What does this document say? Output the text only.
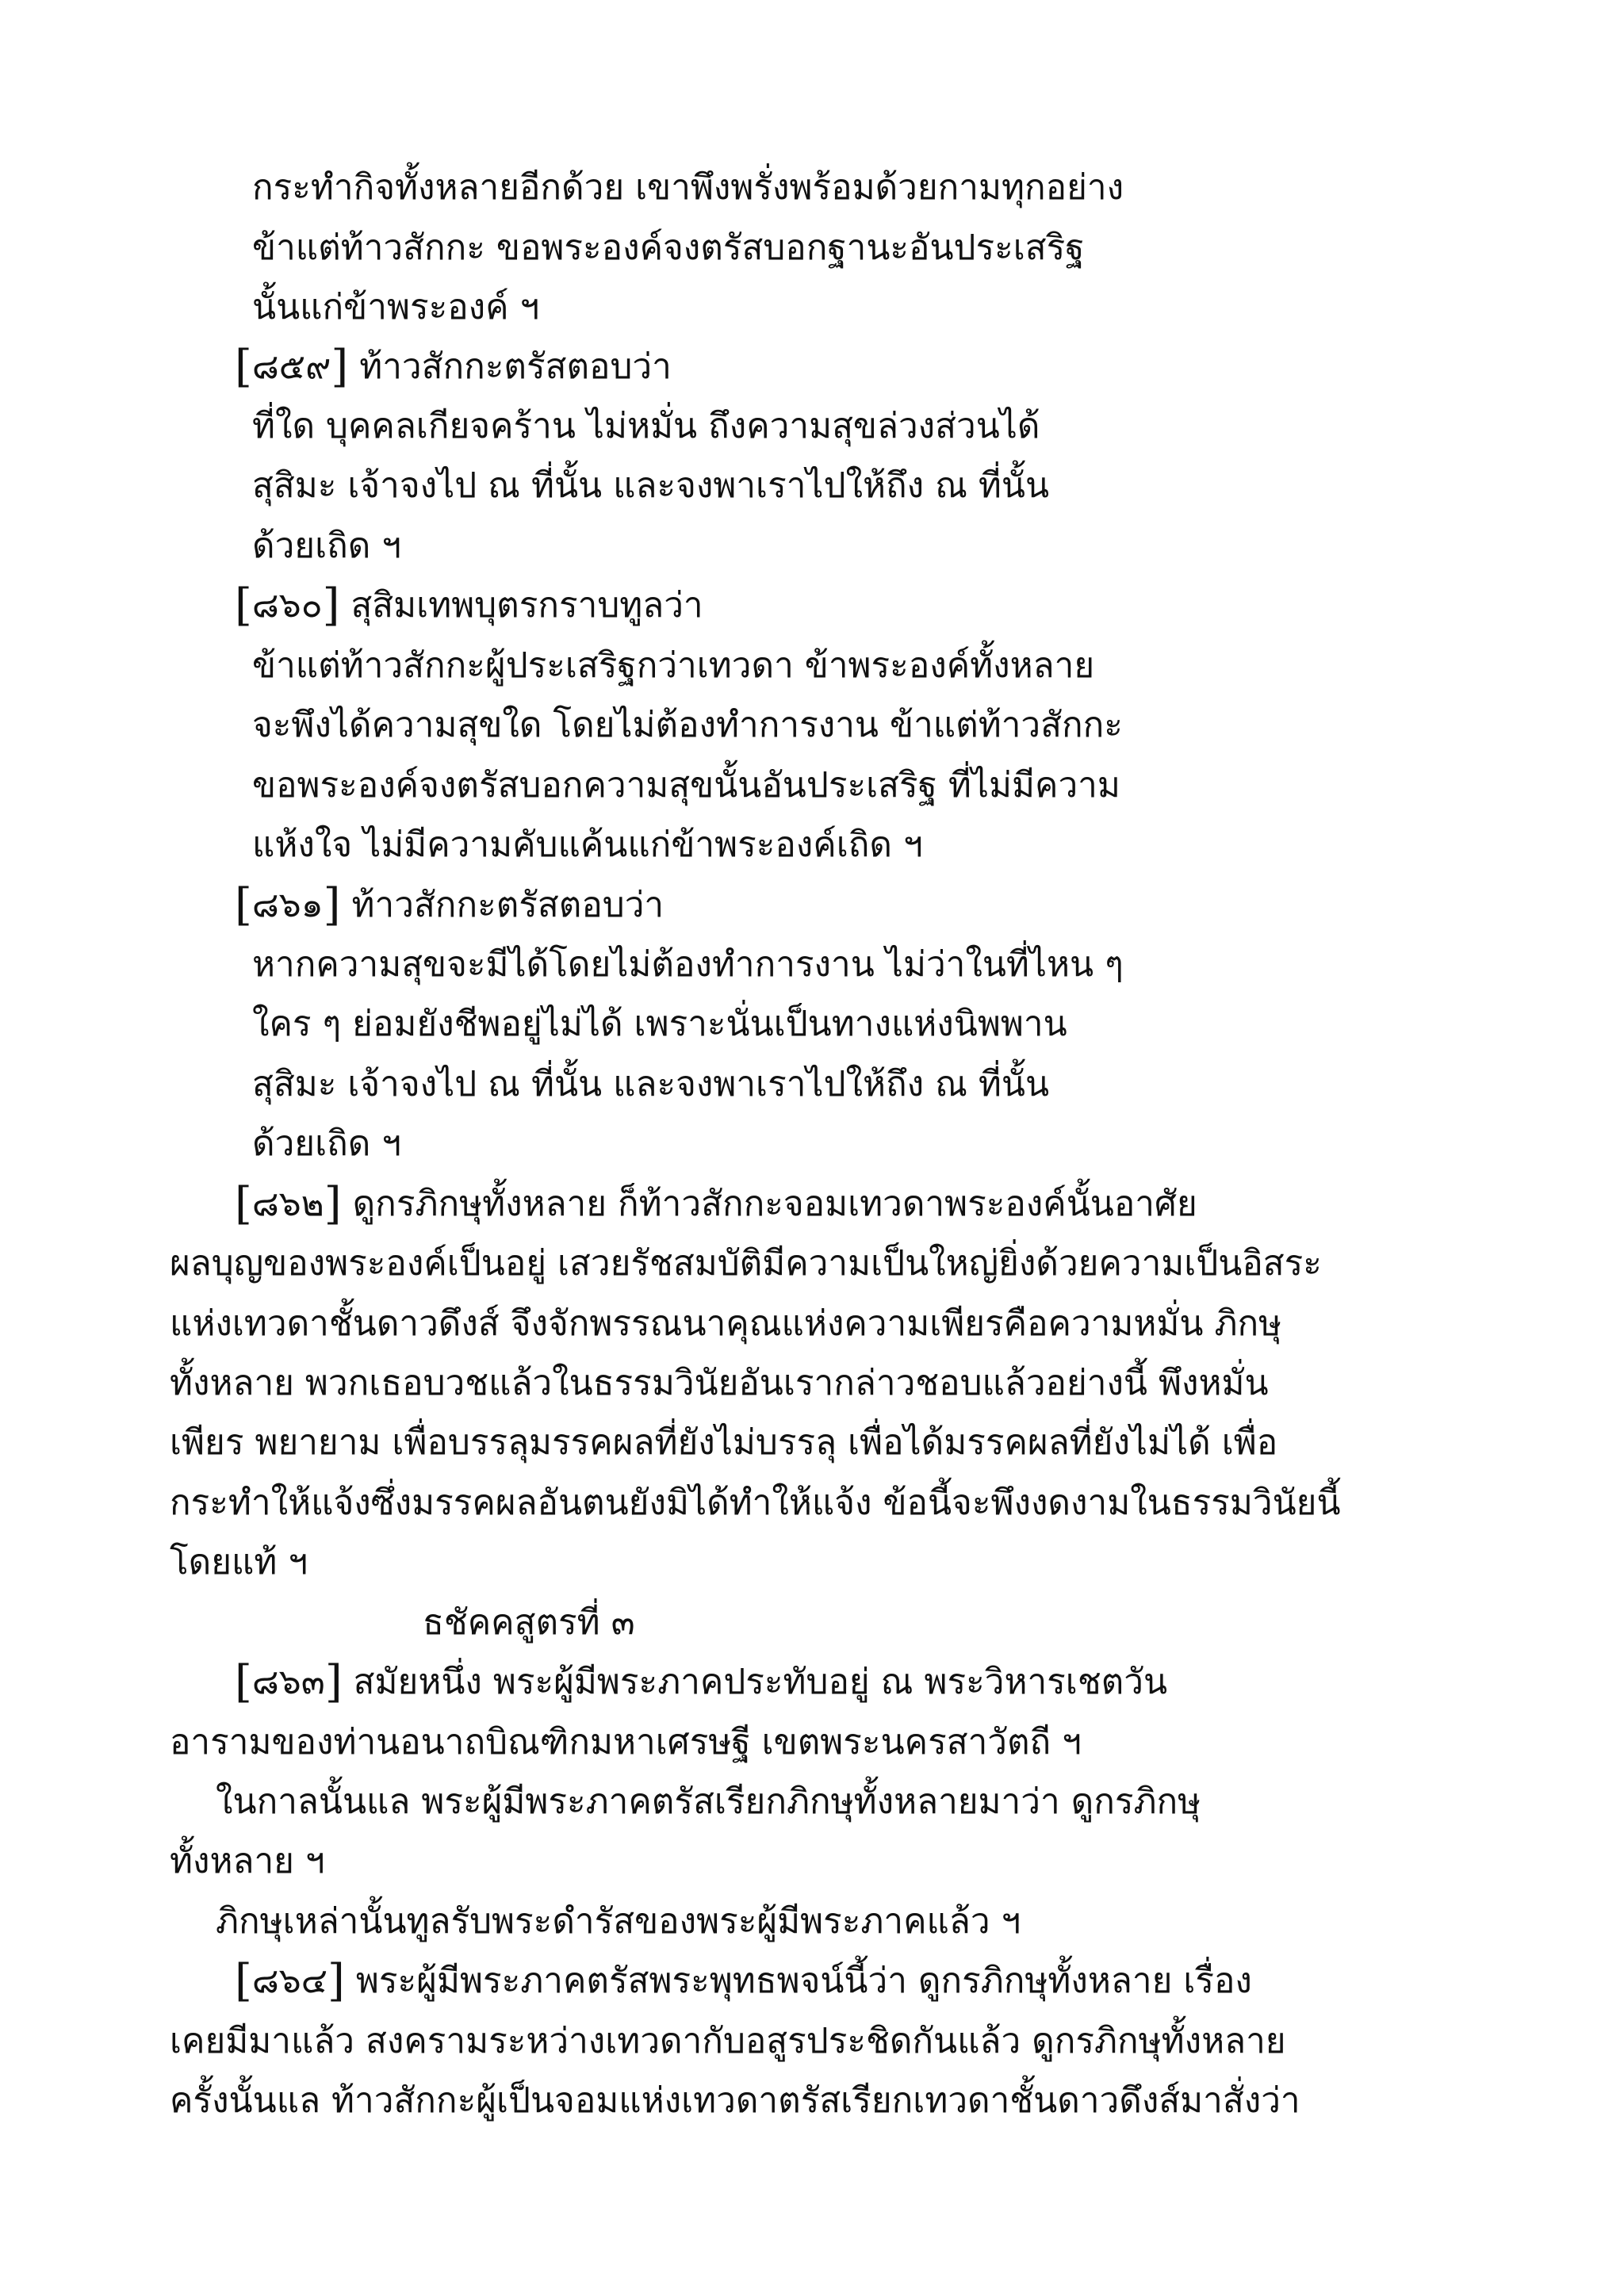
กระทำกิจทั้งหลายอีกด้วย เขาพึงพรั่งพร้อมด้วยกามทุกอย่าง
ข้าแต่ท้าวสักกะ ขอพระองค์จงตรัสบอกฐานะอันประเสริฐ
นั้นแก่ข้าพระองค์ ฯ
[๘๕๙] ท้าวสักกะตรัสตอบว่า
ที่ใด บุคคลเกียจคร้าน ไม่หมั่น ถึงความสุขล่วงส่วนได้
สุสิมะ เจ้าจงไป ณ ที่นั้น และจงพาเราไปให้ถึง ณ ที่นั้น
ด้วยเถิด ฯ
[๘๖๐] สุสิมเทพบุตรกราบทูลว่า
ข้าแต่ท้าวสักกะผู้ประเสริฐกว่าเทวดา ข้าพระองค์ทั้งหลาย
จะพึงได้ความสุขใด โดยไม่ต้องทำการงาน ข้าแต่ท้าวสักกะ
ขอพระองค์จงตรัสบอกความสุขนั้นอันประเสริฐ ที่ไม่มีความ
แห้งใจ ไม่มีความคับแค้นแก่ข้าพระองค์เถิด ฯ
[๘๖๑] ท้าวสักกะตรัสตอบว่า
หากความสุขจะมีได้โดยไม่ต้องทำการงาน ไม่ว่าในที่ไหน ๆ
ใคร ๆ ย่อมยังชีพอยู่ไม่ได้ เพราะนั่นเป็นทางแห่งนิพพาน
สุสิมะ เจ้าจงไป ณ ที่นั้น และจงพาเราไปให้ถึง ณ ที่นั้น
ด้วยเถิด ฯ
[๘๖๒] ดูกรภิกษุทั้งหลาย ก็ท้าวสักกะจอมเทวดาพระองค์นั้นอาศัย
ผลบุญของพระองค์เป็นอยู่ เสวยรัชสมบัติมีความเป็นใหญ่ยิ่งด้วยความเป็นอิสระ
แห่งเทวดาชั้นดาวดึงส์ จึงจักพรรณนาคุณแห่งความเพียรคือความหมั่น ภิกษุ
ทั้งหลาย พวกเธอบวชแล้วในธรรมวินัยอันเรากล่าวชอบแล้วอย่างนี้ พึงหมั่น
เพียร พยายาม เพื่อบรรลุมรรคผลที่ยังไม่บรรลุ เพื่อได้มรรคผลที่ยังไม่ได้ เพื่อ
กระทำให้แจ้งซึ่งมรรคผลอันตนยังมิได้ทำให้แจ้ง ข้อนี้จะพึงงดงามในธรรมวินัยนี้
โดยแท้ ฯ
ธชัคคสูตรที่ ๓
[๘๖๓] สมัยหนึ่ง พระผู้มีพระภาคประทับอยู่ ณ พระวิหารเชตวัน
อารามของท่านอนาถบิณฑิกมหาเศรษฐี เขตพระนครสาวัตถี ฯ
ในกาลนั้นแล พระผู้มีพระภาคตรัสเรียกภิกษุทั้งหลายมาว่า ดูกรภิกษุ
ทั้งหลาย ฯ
ภิกษุเหล่านั้นทูลรับพระดำรัสของพระผู้มีพระภาคแล้ว ฯ
[๘๖๔] พระผู้มีพระภาคตรัสพระพุทธพจน์นี้ว่า ดูกรภิกษุทั้งหลาย เรื่อง
เคยมีมาแล้ว สงครามระหว่างเทวดากับอสูรประชิดกันแล้ว ดูกรภิกษุทั้งหลาย
ครั้งนั้นแล ท้าวสักกะผู้เป็นจอมแห่งเทวดาตรัสเรียกเทวดาชั้นดาวดึงส์มาสั่งว่า
